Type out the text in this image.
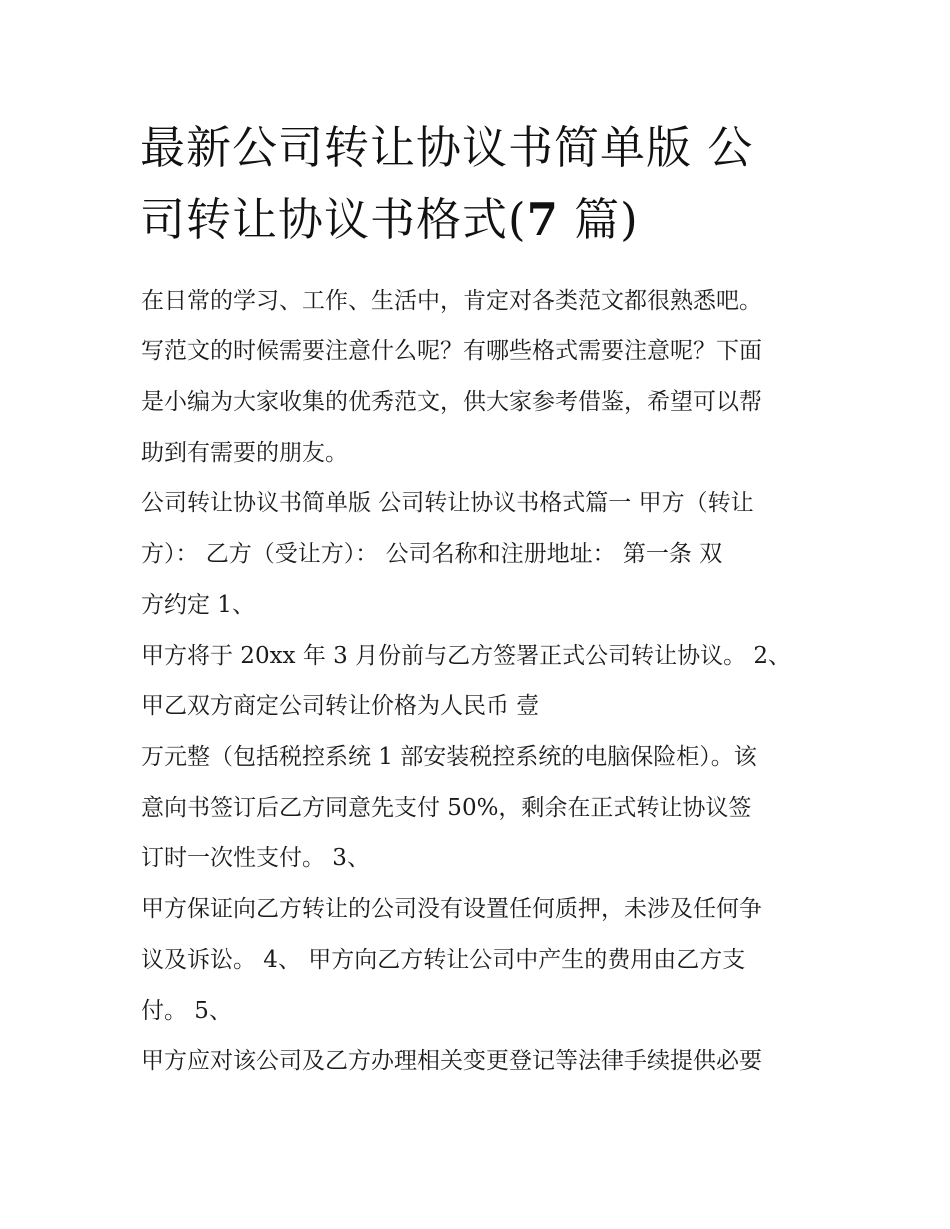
最新公司转让协议书简单版 公
司转让协议书格式(7 篇)

在日常的学习、工作、生活中，肯定对各类范文都很熟悉吧。

写范文的时候需要注意什么呢？有哪些格式需要注意呢？下面

是小编为大家收集的优秀范文，供大家参考借鉴，希望可以帮

助到有需要的朋友。

公司转让协议书简单版 公司转让协议书格式篇一 甲方（转让

方）： 乙方（受让方）： 公司名称和注册地址： 第一条 双

方约定 1、

甲方将于 20xx 年 3 月份前与乙方签署正式公司转让协议。 2、

甲乙双方商定公司转让价格为人民币 壹

万元整（包括税控系统 1 部安装税控系统的电脑保险柜）。该

意向书签订后乙方同意先支付 50%，剩余在正式转让协议签

订时一次性支付。 3、

甲方保证向乙方转让的公司没有设置任何质押，未涉及任何争

议及诉讼。 4、 甲方向乙方转让公司中产生的费用由乙方支

付。 5、

甲方应对该公司及乙方办理相关变更登记等法律手续提供必要
